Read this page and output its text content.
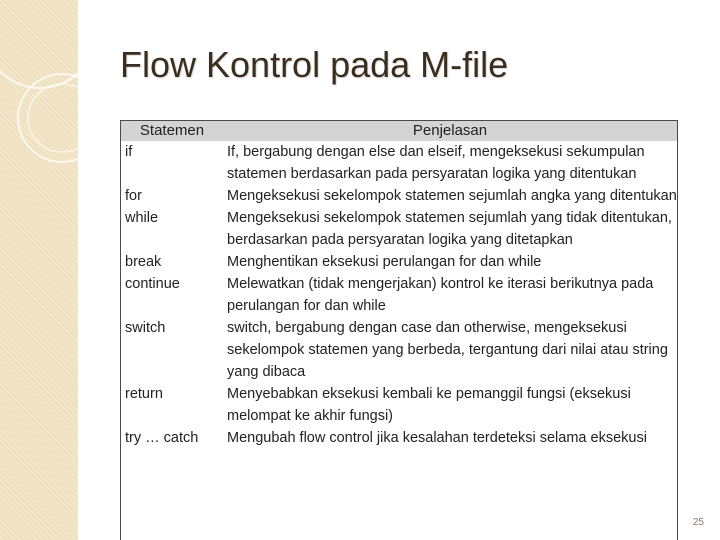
Flow Kontrol pada M-file
Statemen	Penjelasan
if	If, bergabung dengan else dan elseif, mengeksekusi sekumpulan statemen berdasarkan pada persyaratan logika yang ditentukan
for	Mengeksekusi sekelompok statemen sejumlah angka yang ditentukan
while	Mengeksekusi sekelompok statemen sejumlah yang tidak ditentukan, berdasarkan pada persyaratan logika yang ditetapkan
break	Menghentikan eksekusi perulangan for dan while
continue	Melewatkan (tidak mengerjakan) kontrol ke iterasi berikutnya pada perulangan for dan while
switch	switch, bergabung dengan case dan otherwise, mengeksekusi sekelompok statemen yang berbeda, tergantung dari nilai atau string yang dibaca
return	Menyebabkan eksekusi kembali ke pemanggil fungsi (eksekusi melompat ke akhir fungsi)
try … catch	Mengubah flow control jika kesalahan terdeteksi selama eksekusi
25
